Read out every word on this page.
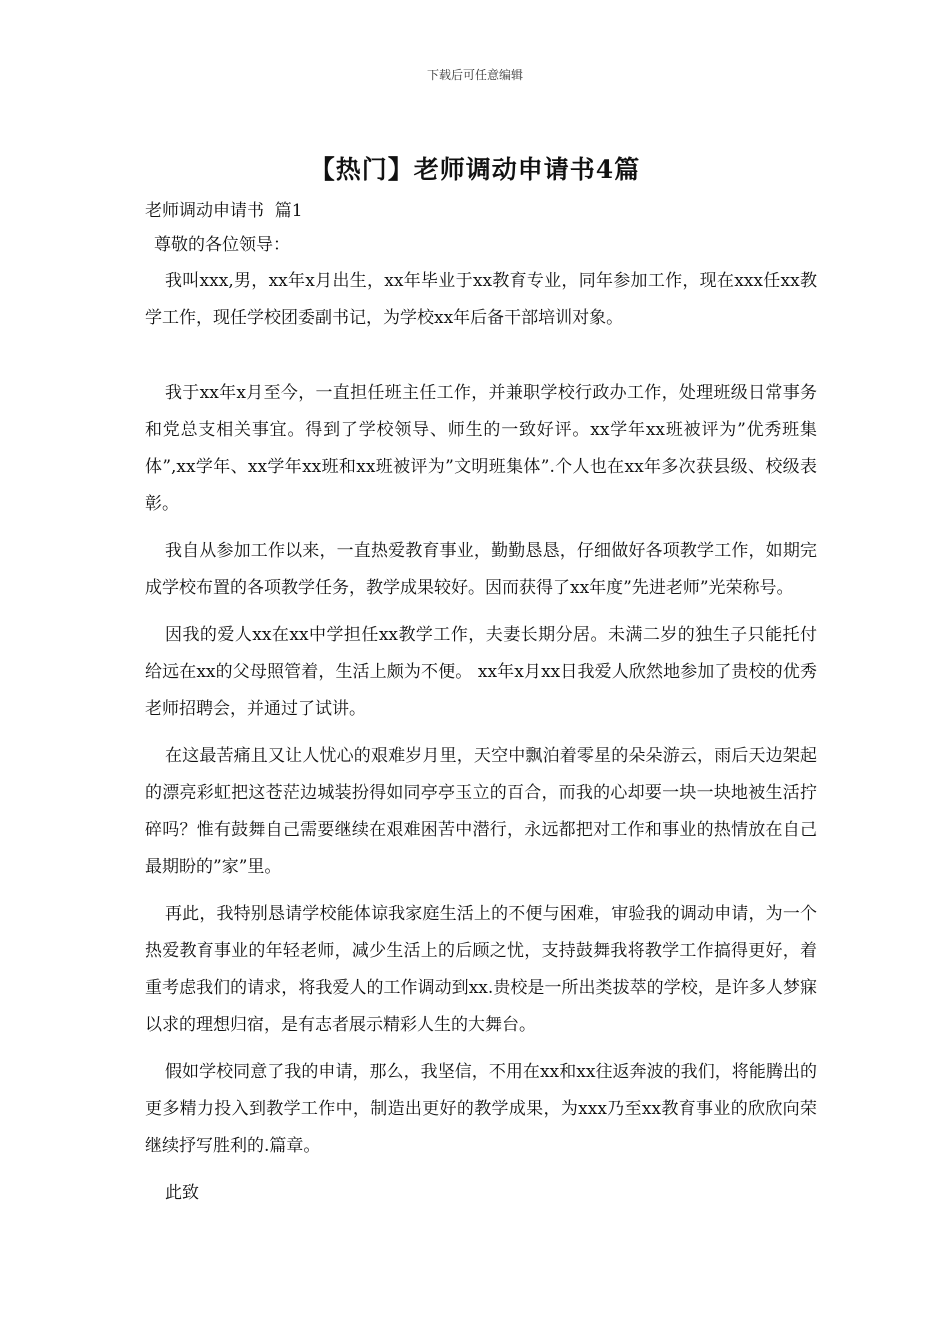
下载后可任意编辑
【热门】老师调动申请书4篇

老师调动申请书  篇1

尊敬的各位领导：

我叫xxx,男，xx年x月出生，xx年毕业于xx教育专业，同年参加工作，现在xxx任xx教学工作，现任学校团委副书记，为学校xx年后备干部培训对象。

我于xx年x月至今，一直担任班主任工作，并兼职学校行政办工作，处理班级日常事务和党总支相关事宜。得到了学校领导、师生的一致好评。xx学年xx班被评为”优秀班集体”,xx学年、xx学年xx班和xx班被评为”文明班集体”.个人也在xx年多次获县级、校级表彰。

我自从参加工作以来，一直热爱教育事业，勤勤恳恳，仔细做好各项教学工作，如期完成学校布置的各项教学任务，教学成果较好。因而获得了xx年度”先进老师”光荣称号。

因我的爱人xx在xx中学担任xx教学工作，夫妻长期分居。未满二岁的独生子只能托付给远在xx的父母照管着，生活上颇为不便。 xx年x月xx日我爱人欣然地参加了贵校的优秀老师招聘会，并通过了试讲。

在这最苦痛且又让人忧心的艰难岁月里，天空中飘泊着零星的朵朵游云，雨后天边架起的漂亮彩虹把这苍茫边城装扮得如同亭亭玉立的百合，而我的心却要一块一块地被生活拧碎吗？惟有鼓舞自己需要继续在艰难困苦中潜行，永远都把对工作和事业的热情放在自己最期盼的”家”里。

再此，我特别恳请学校能体谅我家庭生活上的不便与困难，审验我的调动申请，为一个热爱教育事业的年轻老师，减少生活上的后顾之忧，支持鼓舞我将教学工作搞得更好，着重考虑我们的请求，将我爱人的工作调动到xx.贵校是一所出类拔萃的学校，是许多人梦寐以求的理想归宿，是有志者展示精彩人生的大舞台。

假如学校同意了我的申请，那么，我坚信，不用在xx和xx往返奔波的我们，将能腾出的更多精力投入到教学工作中，制造出更好的教学成果，为xxx乃至xx教育事业的欣欣向荣继续抒写胜利的.篇章。

此致
